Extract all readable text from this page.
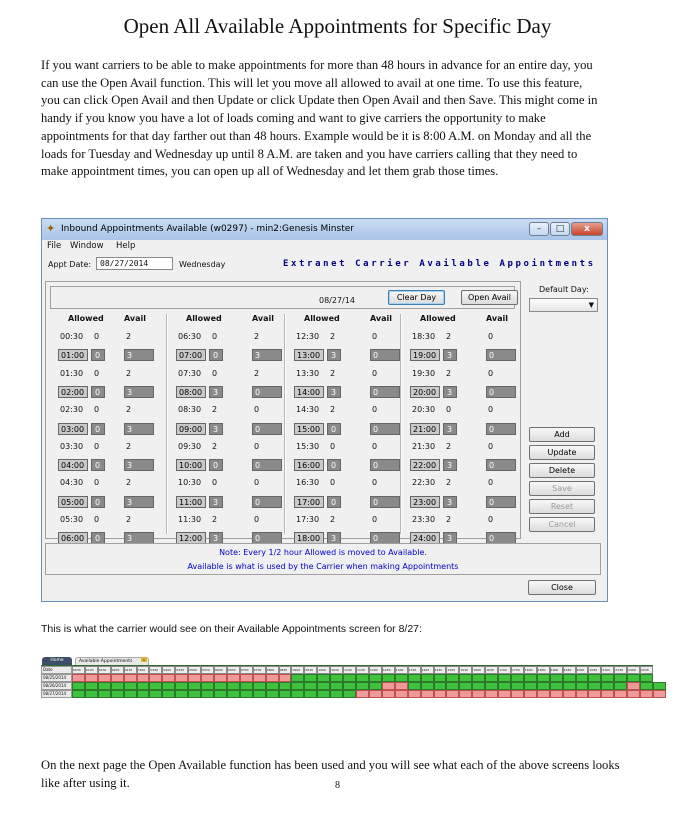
Open All Available Appointments for Specific Day

If you want carriers to be able to make appointments for more than 48 hours in advance for an entire day, you can use the Open Avail function. This will let you move all allowed to avail at one time. To use this feature, you can click Open Avail and then Update or click Update then Open Avail and then Save. This might come in handy if you know you have a lot of loads coming and want to give carriers the opportunity to make appointments for that day farther out than 48 hours. Example would be it is 8:00 A.M. on Monday and all the loads for Tuesday and Wednesday up until 8 A.M. are taken and you have carriers calling that they need to make appointment times, you can open up all of Wednesday and let them grab those times.

✦ Inbound Appointments Available (w0297) - min2:Genesis Minster	–	□	x
File Window Help
Appt Date:	08/27/2014	Wednesday	Extranet Carrier Available Appointments
08/27/14	Clear Day	Open Avail
Allowed	Avail
00:30	0	2
01:00	0	3
01:30	0	2
02:00	0	3
02:30	0	2
03:00	0	3
03:30	0	2
04:00	0	3
04:30	0	2
05:00	0	3
05:30	0	2
06:00	0	3
Allowed	Avail
06:30	0	2
07:00	0	3
07:30	0	2
08:00	3	0
08:30	2	0
09:00	3	0
09:30	2	0
10:00	0	0
10:30	0	0
11:00	3	0
11:30	2	0
12:00	3	0
Allowed	Avail
12:30	2	0
13:00	3	0
13:30	2	0
14:00	3	0
14:30	2	0
15:00	0	0
15:30	0	0
16:00	0	0
16:30	0	0
17:00	0	0
17:30	2	0
18:00	3	0
Allowed	Avail
18:30	2	0
19:00	3	0
19:30	2	0
20:00	3	0
20:30	0	0
21:00	3	0
21:30	2	0
22:00	3	0
22:30	2	0
23:00	3	0
23:30	2	0
24:00	3	0
Default Day:
▼
Add
Update
Delete
Save
Reset
Cancel
Note: Every 1/2 hour Allowed is moved to Available.
Available is what is used by the Carrier when making Appointments
Close
This is what the carrier would see on their Available Appointments screen for 8/27:
Home	Available Appointments	x
Date	0030	0100	0130	0200	0230	0300	0330	0400	0430	0500	0530	0600	0630	0700	0730	0800	0830	0900	0930	1000	1030	1100	1130	1200	1230	1300	1330	1400	1430	1500	1530	1600	1630	1700	1730	1800	1830	1900	1930	2000	2030	2100	2130	2200	2230
08/25/2014
08/26/2014
08/27/2014

On the next page the Open Available function has been used and you will see what each of the above screens looks like after using it.	8
